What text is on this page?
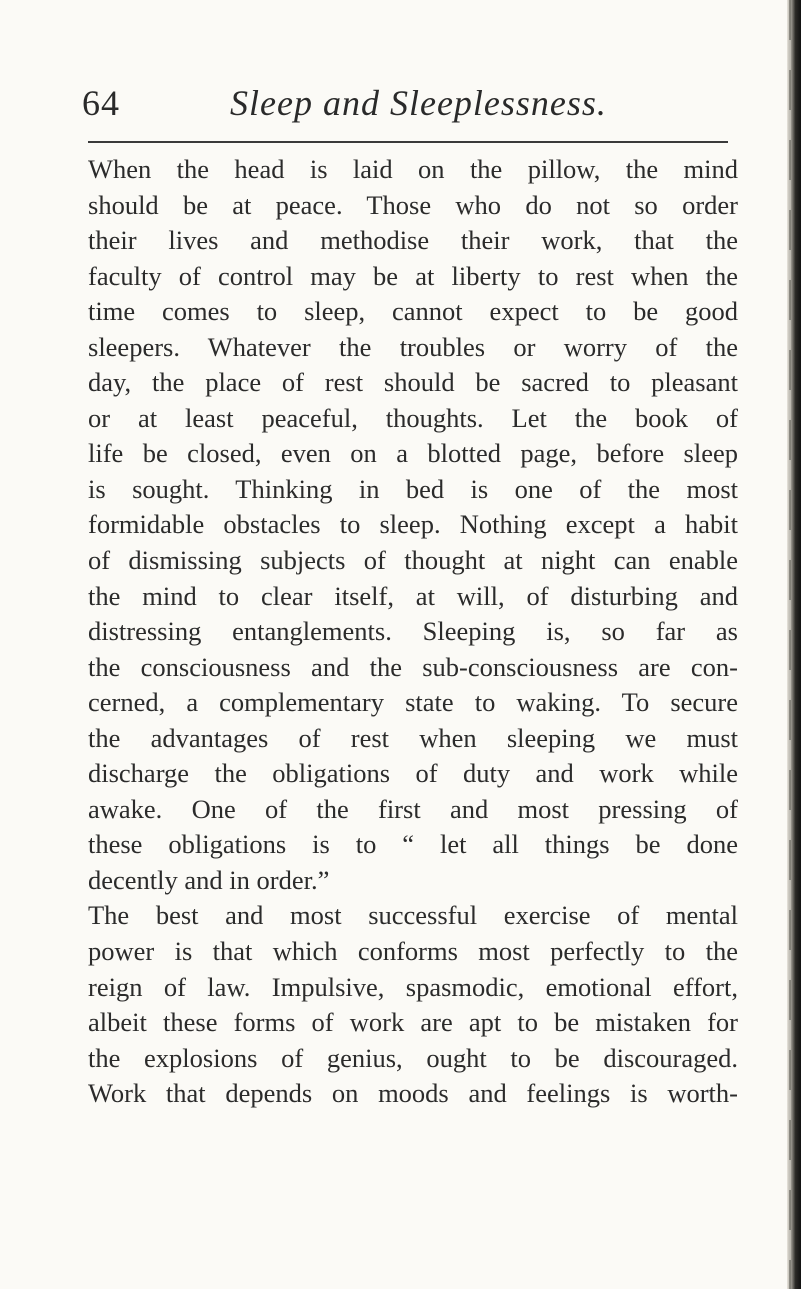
64	Sleep and Sleeplessness.
When the head is laid on the pillow, the mind
should be at peace. Those who do not so order
their lives and methodise their work, that the
faculty of control may be at liberty to rest when the
time comes to sleep, cannot expect to be good
sleepers. Whatever the troubles or worry of the
day, the place of rest should be sacred to pleasant
or at least peaceful, thoughts. Let the book of
life be closed, even on a blotted page, before sleep
is sought. Thinking in bed is one of the most
formidable obstacles to sleep. Nothing except a habit
of dismissing subjects of thought at night can enable
the mind to clear itself, at will, of disturbing and
distressing entanglements. Sleeping is, so far as
the consciousness and the sub-consciousness are con-
cerned, a complementary state to waking. To secure
the advantages of rest when sleeping we must
discharge the obligations of duty and work while
awake. One of the first and most pressing of
these obligations is to “ let all things be done
decently and in order.”
The best and most successful exercise of mental
power is that which conforms most perfectly to the
reign of law. Impulsive, spasmodic, emotional effort,
albeit these forms of work are apt to be mistaken for
the explosions of genius, ought to be discouraged.
Work that depends on moods and feelings is worth-
